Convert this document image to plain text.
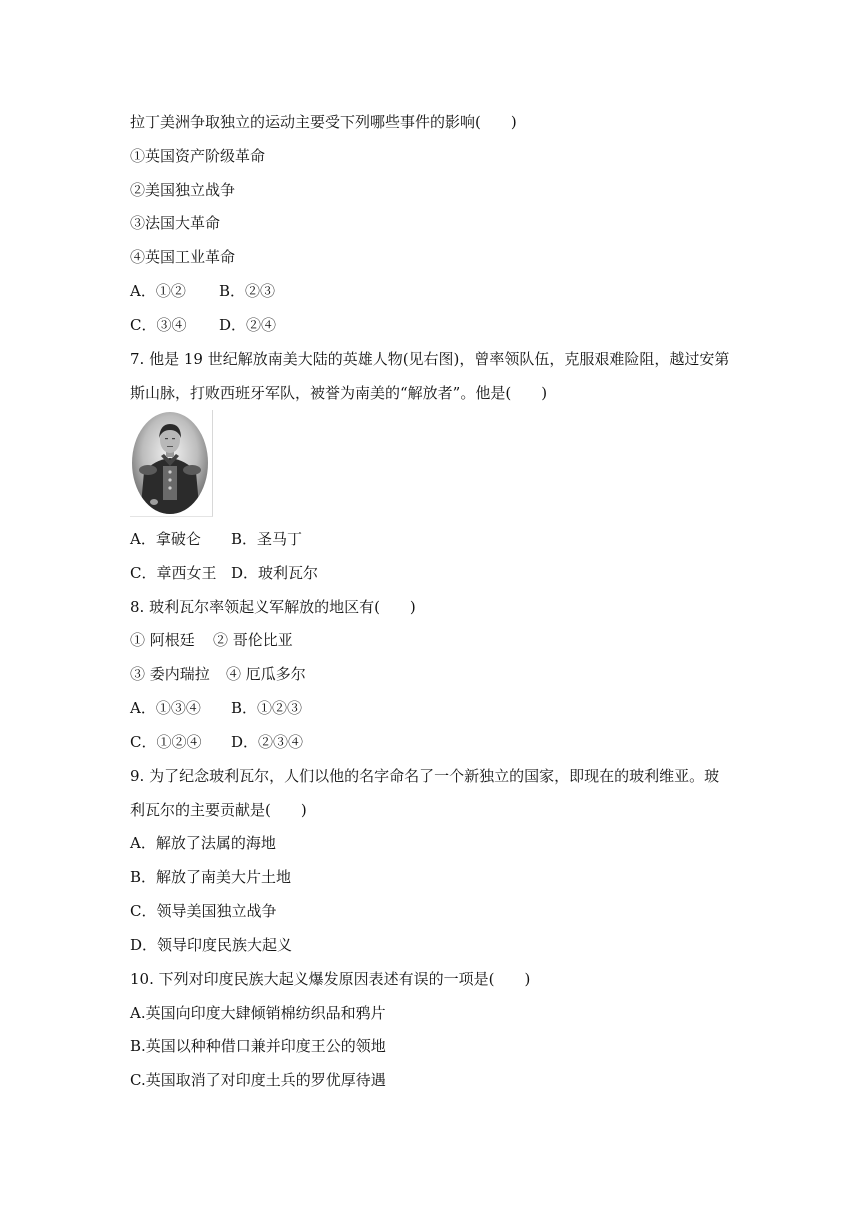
拉丁美洲争取独立的运动主要受下列哪些事件的影响(　　)
①英国资产阶级革命
②美国独立战争
③法国大革命
④英国工业革命
A．①② B．②③
C．③④ D．②④
7. 他是 19 世纪解放南美大陆的英雄人物(见右图)，曾率领队伍，克服艰难险阻，越过安第
斯山脉，打败西班牙军队，被誉为南美的“解放者”。他是(　　)
A．拿破仑 B．圣马丁
C．章西女王 D．玻利瓦尔
8. 玻利瓦尔率领起义军解放的地区有(　　)
① 阿根廷 ② 哥伦比亚
③ 委内瑞拉 ④ 厄瓜多尔
A．①③④ B．①②③
C．①②④ D．②③④
9. 为了纪念玻利瓦尔，人们以他的名字命名了一个新独立的国家，即现在的玻利维亚。玻
利瓦尔的主要贡献是(　　)
A．解放了法属的海地
B．解放了南美大片土地
C．领导美国独立战争
D．领导印度民族大起义
10. 下列对印度民族大起义爆发原因表述有误的一项是(　　)
A.英国向印度大肆倾销棉纺织品和鸦片
B.英国以种种借口兼并印度王公的领地
C.英国取消了对印度土兵的罗优厚待遇
